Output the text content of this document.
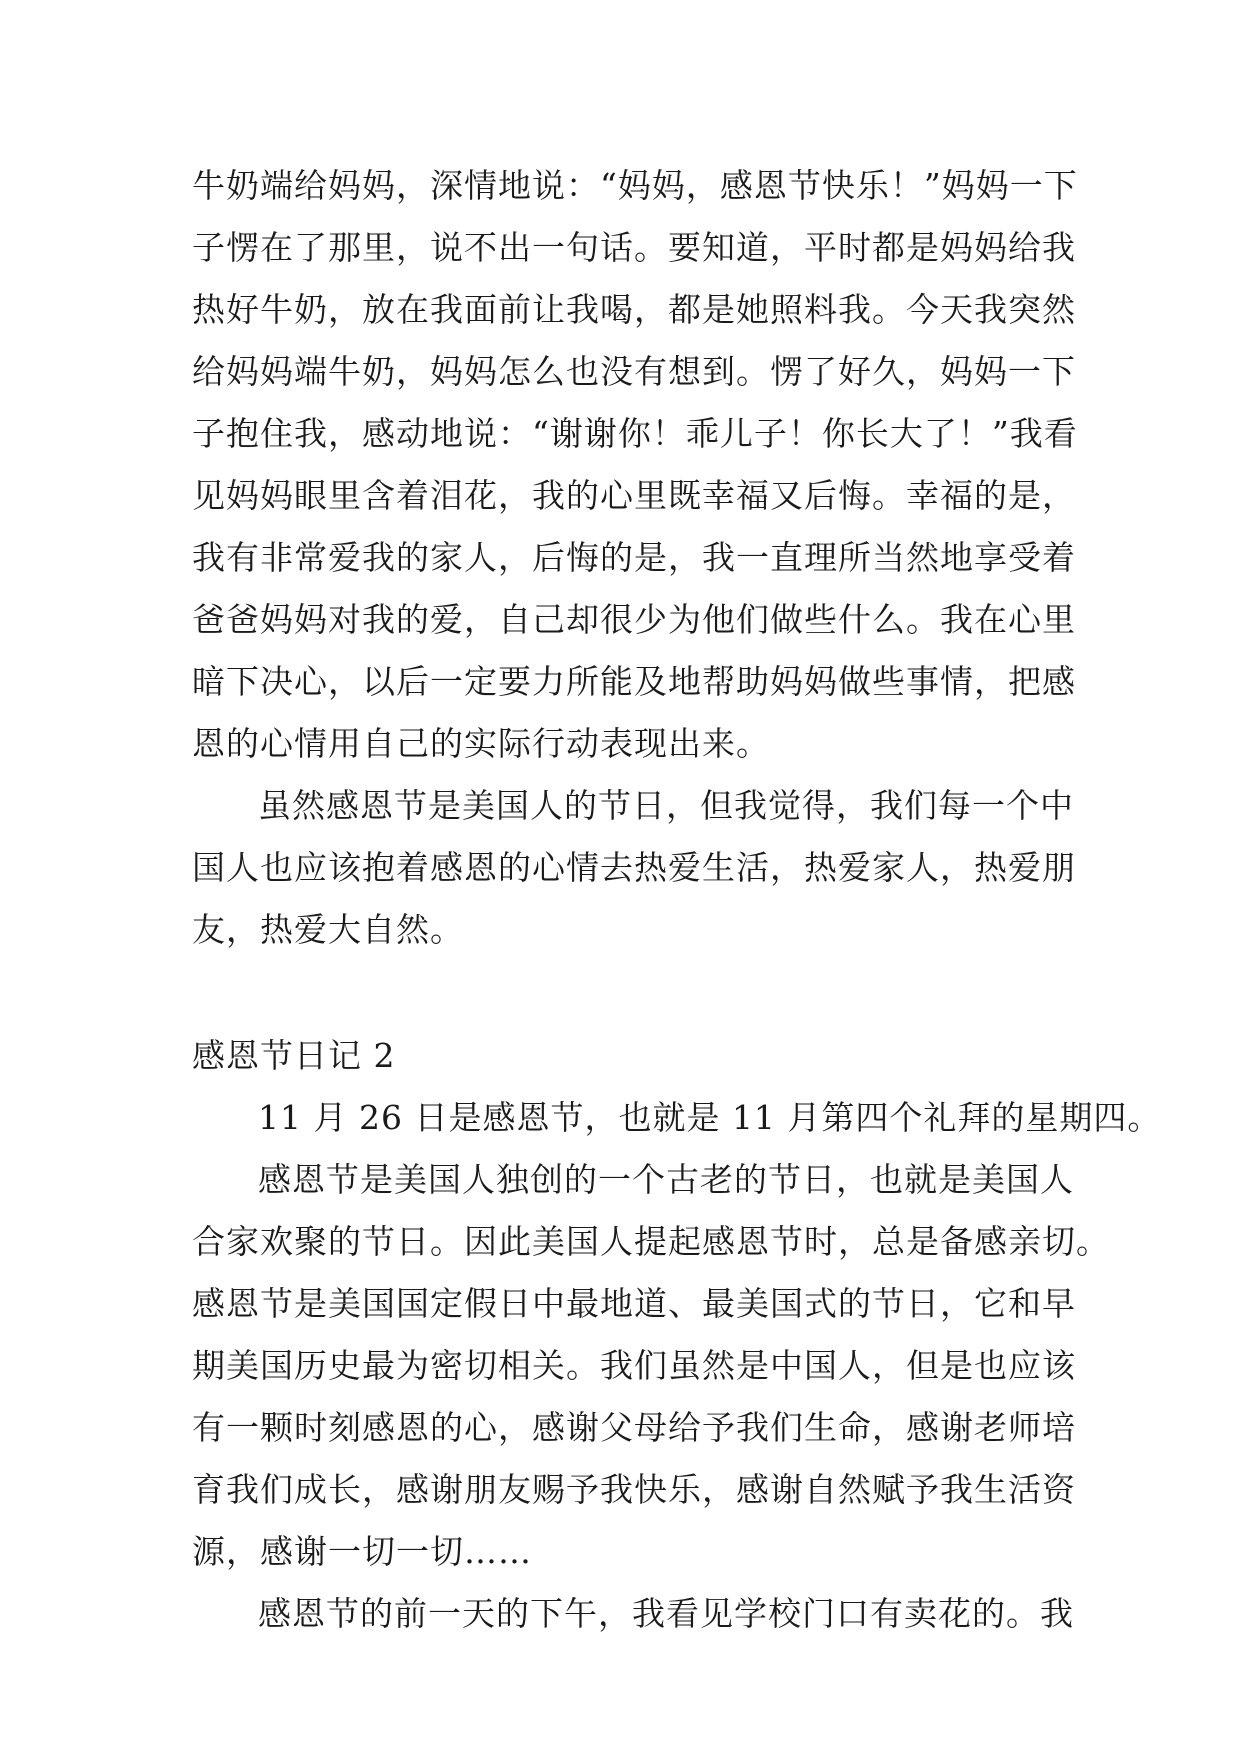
牛奶端给妈妈，深情地说：“妈妈，感恩节快乐！”妈妈一下
子愣在了那里，说不出一句话。要知道，平时都是妈妈给我
热好牛奶，放在我面前让我喝，都是她照料我。今天我突然
给妈妈端牛奶，妈妈怎么也没有想到。愣了好久，妈妈一下
子抱住我，感动地说：“谢谢你！乖儿子！你长大了！”我看
见妈妈眼里含着泪花，我的心里既幸福又后悔。幸福的是，
我有非常爱我的家人，后悔的是，我一直理所当然地享受着
爸爸妈妈对我的爱，自己却很少为他们做些什么。我在心里
暗下决心，以后一定要力所能及地帮助妈妈做些事情，把感
恩的心情用自己的实际行动表现出来。
虽然感恩节是美国人的节日，但我觉得，我们每一个中
国人也应该抱着感恩的心情去热爱生活，热爱家人，热爱朋
友，热爱大自然。
感恩节日记 2
11 月 26 日是感恩节，也就是 11 月第四个礼拜的星期四。
感恩节是美国人独创的一个古老的节日，也就是美国人
合家欢聚的节日。因此美国人提起感恩节时，总是备感亲切。
感恩节是美国国定假日中最地道、最美国式的节日，它和早
期美国历史最为密切相关。我们虽然是中国人，但是也应该
有一颗时刻感恩的心，感谢父母给予我们生命，感谢老师培
育我们成长，感谢朋友赐予我快乐，感谢自然赋予我生活资
源，感谢一切一切……
感恩节的前一天的下午，我看见学校门口有卖花的。我
